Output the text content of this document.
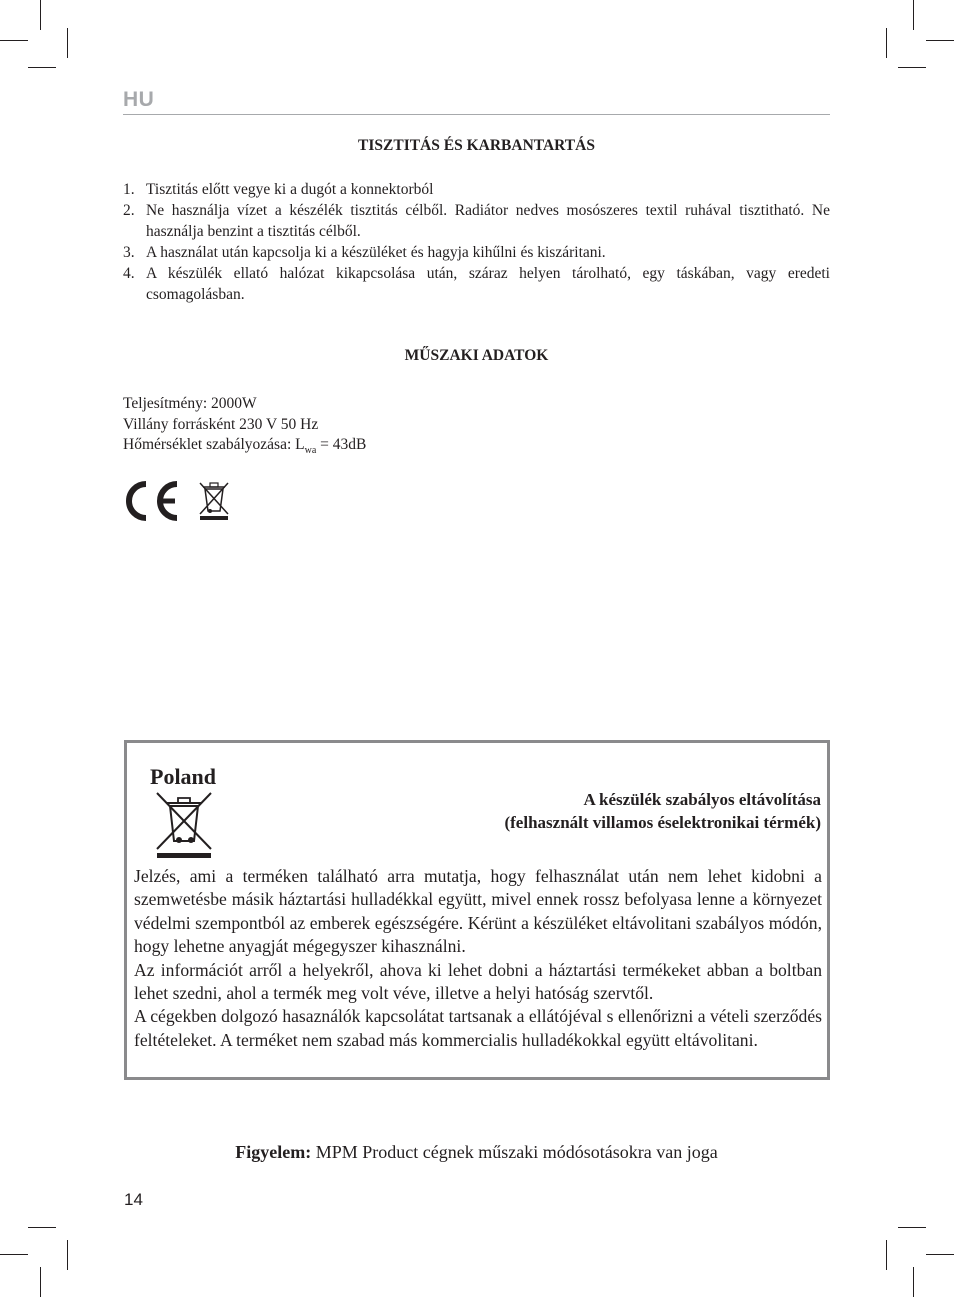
HU
TISZTITÁS ÉS KARBANTARTÁS
1. Tisztitás előtt vegye ki a dugót a konnektorból
2. Ne használja vízet a készélék tisztitás célből. Radiátor nedves mosószeres textil ruhával tisztitható. Ne használja benzint a tisztitás célből.
3. A használat után kapcsolja ki a készüléket és hagyja kihűlni és kiszáritani.
4. A készülék ellató halózat kikapcsolása után, száraz helyen tárolható, egy táskában, vagy eredeti csomagolásban.
MŰSZAKI ADATOK
Teljesítmény: 2000W
Villány forrásként 230 V 50 Hz
Hőmérséklet szabályozása: $L_{wa} = 43dB$
Poland
A készülék szabályos eltávolítása
(felhasznált villamos éselektronikai térmék)

Jelzés, ami a terméken található arra mutatja, hogy felhasználat után nem lehet kidobni a szemwetésbe másik háztartási hulladékkal együtt, mivel ennek rossz befolyasa lenne a környezet védelmi szempontból az emberek egészségére. Kérünt a készüléket eltávolitani szabályos módón, hogy lehetne anyagját mégegyszer kihasználni.

Az információt arről a helyekről, ahova ki lehet dobni a háztartási termékeket abban a boltban lehet szedni, ahol a termék meg volt véve, illetve a helyi hatóság szervtől.

A cégekben dolgozó hasaználók kapcsolátat tartsanak a ellátójéval s ellenőrizni a vételi szerződés feltételeket. A terméket nem szabad más kommercialis hulladékokkal együtt eltávolitani.

Figyelem: MPM Product cégnek műszaki módósotásokra van joga
14
